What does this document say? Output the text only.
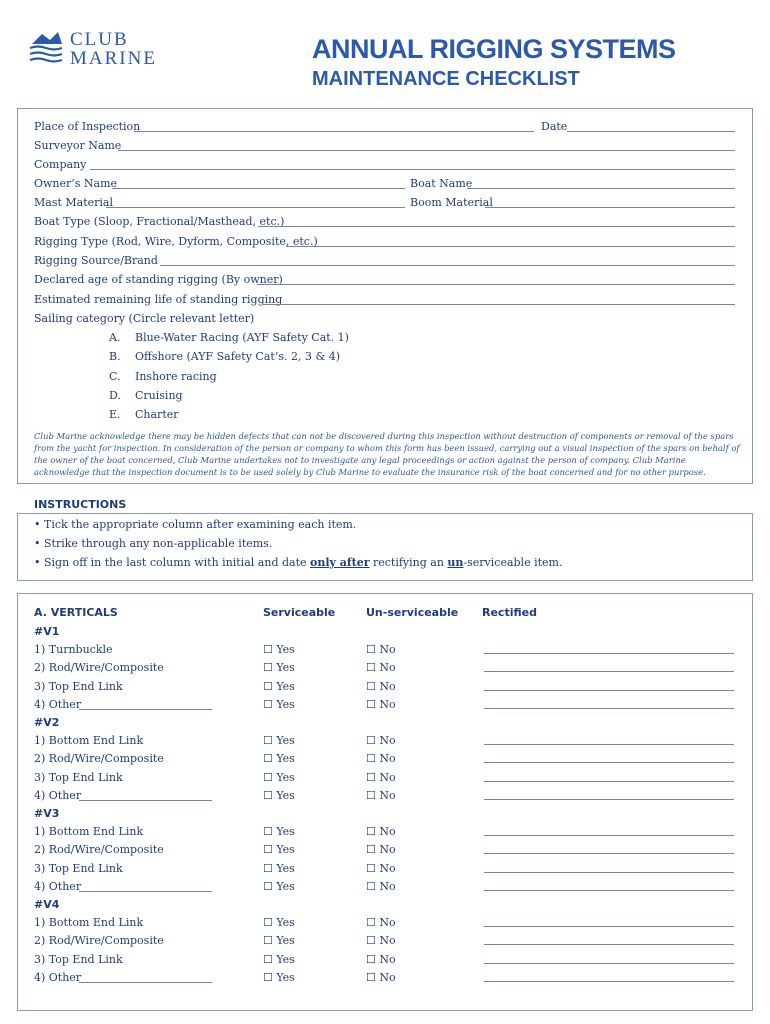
CLUB
MARINE	ANNUAL RIGGING SYSTEMS
MAINTENANCE CHECKLIST
Place of Inspection	Date
Surveyor Name
Company
Owner’s Name	Boat Name
Mast Material	Boom Material
Boat Type (Sloop, Fractional/Masthead, etc.)
Rigging Type (Rod, Wire, Dyform, Composite, etc.)
Rigging Source/Brand
Declared age of standing rigging (By owner)
Estimated remaining life of standing rigging
Sailing category (Circle relevant letter)
A. Blue-Water Racing (AYF Safety Cat. 1)
B. Offshore (AYF Safety Cat’s. 2, 3 & 4)
C. Inshore racing
D. Cruising
E. Charter
Club Marine acknowledge there may be hidden defects that can not be discovered during this inspection without destruction of components or removal of the spars from the yacht for inspection. In consideration of the person or company to whom this form has been issued, carrying out a visual inspection of the spars on behalf of the owner of the boat concerned, Club Marine undertakes not to investigate any legal proceedings or action against the person of company. Club Marine acknowledge that the inspection document is to be used solely by Club Marine to evaluate the insurance risk of the boat concerned and for no other purpose.
INSTRUCTIONS
• Tick the appropriate column after examining each item.
• Strike through any non-applicable items.
• Sign off in the last column with initial and date only after rectifying an un-serviceable item.
A. VERTICALS	Serviceable	Un-serviceable Rectified
#V1
1) Turnbuckle	☐ Yes	☐ No
2) Rod/Wire/Composite	☐ Yes	☐ No
3) Top End Link	☐ Yes	☐ No
4) Other	☐ Yes	☐ No
#V2
1) Bottom End Link	☐ Yes	☐ No
2) Rod/Wire/Composite	☐ Yes	☐ No
3) Top End Link	☐ Yes	☐ No
4) Other	☐ Yes	☐ No
#V3
1) Bottom End Link	☐ Yes	☐ No
2) Rod/Wire/Composite	☐ Yes	☐ No
3) Top End Link	☐ Yes	☐ No
4) Other	☐ Yes	☐ No
#V4
1) Bottom End Link	☐ Yes	☐ No
2) Rod/Wire/Composite	☐ Yes	☐ No
3) Top End Link	☐ Yes	☐ No
4) Other	☐ Yes	☐ No
